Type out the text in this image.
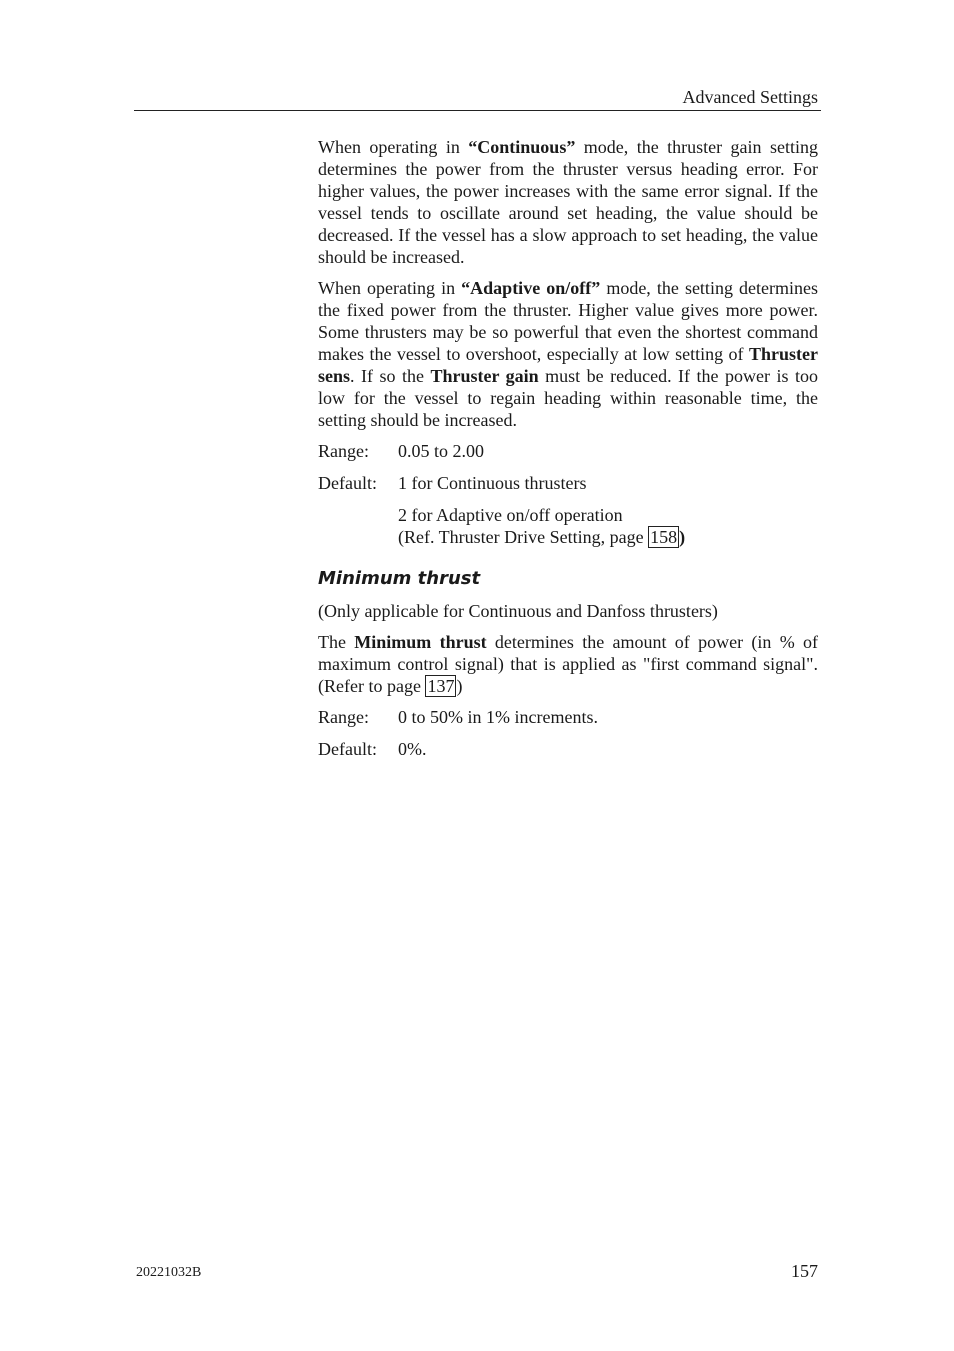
Advanced Settings

When operating in “Continuous” mode, the thruster gain setting determines the power from the thruster versus heading error. For higher values, the power increases with the same error signal. If the vessel tends to oscillate around set heading, the value should be decreased. If the vessel has a slow approach to set heading, the value should be increased.

When operating in “Adaptive on/off” mode, the setting determines the fixed power from the thruster. Higher value gives more power. Some thrusters may be so powerful that even the shortest command makes the vessel to overshoot, especially at low setting of Thruster sens. If so the Thruster gain must be reduced. If the power is too low for the vessel to regain heading within reasonable time, the setting should be increased.

Range:	0.05 to 2.00
Default:	1 for Continuous thrusters
2 for Adaptive on/off operation
(Ref. Thruster Drive Setting, page 158 )
Minimum thrust

(Only applicable for Continuous and Danfoss thrusters)

The Minimum thrust determines the amount of power (in % of maximum control signal) that is applied as "first command signal". (Refer to page 137 )

Range:	0 to 50% in 1% increments.
Default:	0%.
20221032B	157
